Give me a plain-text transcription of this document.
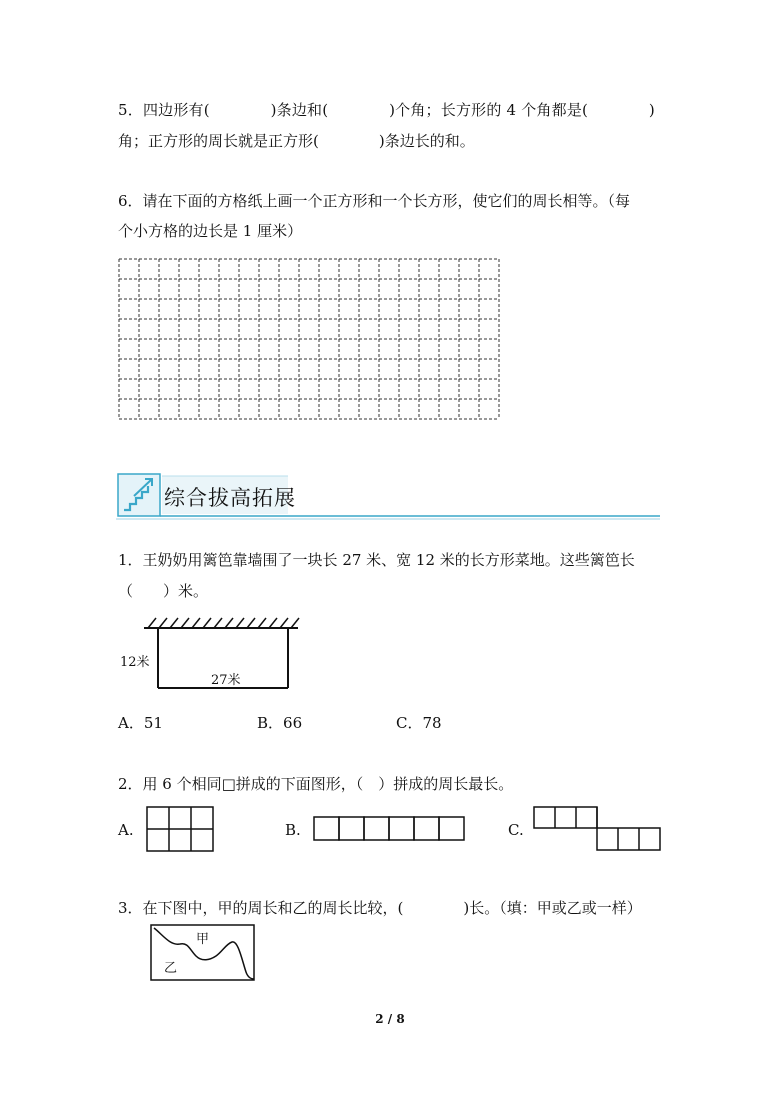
5．四边形有(　　　　)条边和(　　　　)个角；长方形的 4 个角都是(　　　　)
角；正方形的周长就是正方形(　　　　)条边长的和。
6．请在下面的方格纸上画一个正方形和一个长方形，使它们的周长相等。（每
个小方格的边长是 1 厘米）
综合拔高拓展
1．王奶奶用篱笆靠墙围了一块长 27 米、宽 12 米的长方形菜地。这些篱笆长
（　　）米。
12米
27米
A．51	B．66	C．78
2．用 6 个相同□拼成的下面图形，（　）拼成的周长最长。
A.	B.	C.
3．在下图中，甲的周长和乙的周长比较，(　　　　)长。（填：甲或乙或一样）
甲
乙
2 / 8
